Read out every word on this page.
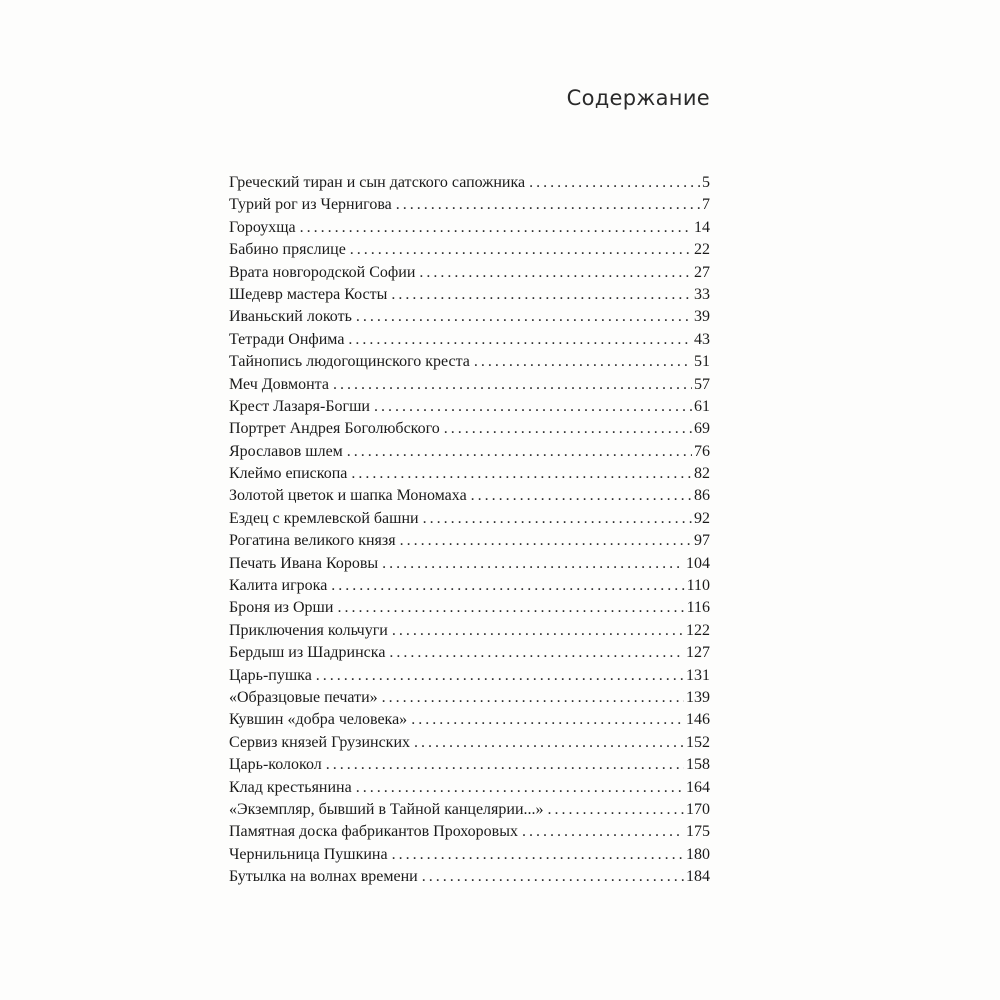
Содержание
Греческий тиран и сын датского сапожника . . .	5
Турий рог из Чернигова . . .	7
Гороухща . . .	14
Бабино пряслице . . .	22
Врата новгородской Софии . . .	27
Шедевр мастера Косты . . .	33
Иваньский локоть . . .	39
Тетради Онфима . . .	43
Тайнопись людогощинского креста . . .	51
Меч Довмонта . . .	57
Крест Лазаря-Богши . . .	61
Портрет Андрея Боголюбского . . .	69
Ярославов шлем . . .	76
Клеймо епископа . . .	82
Золотой цветок и шапка Мономаха . . .	86
Ездец с кремлевской башни . . .	92
Рогатина великого князя . . .	97
Печать Ивана Коровы . . .	104
Калита игрока . . .	110
Броня из Орши . . .	116
Приключения кольчуги . . .	122
Бердыш из Шадринска . . .	127
Царь-пушка . . .	131
«Образцовые печати» . . .	139
Кувшин «добра человека» . . .	146
Сервиз князей Грузинских . . .	152
Царь-колокол . . .	158
Клад крестьянина . . .	164
«Экземпляр, бывший в Тайной канцелярии...» . . .	170
Памятная доска фабрикантов Прохоровых . . .	175
Чернильница Пушкина . . .	180
Бутылка на волнах времени . . .	184
